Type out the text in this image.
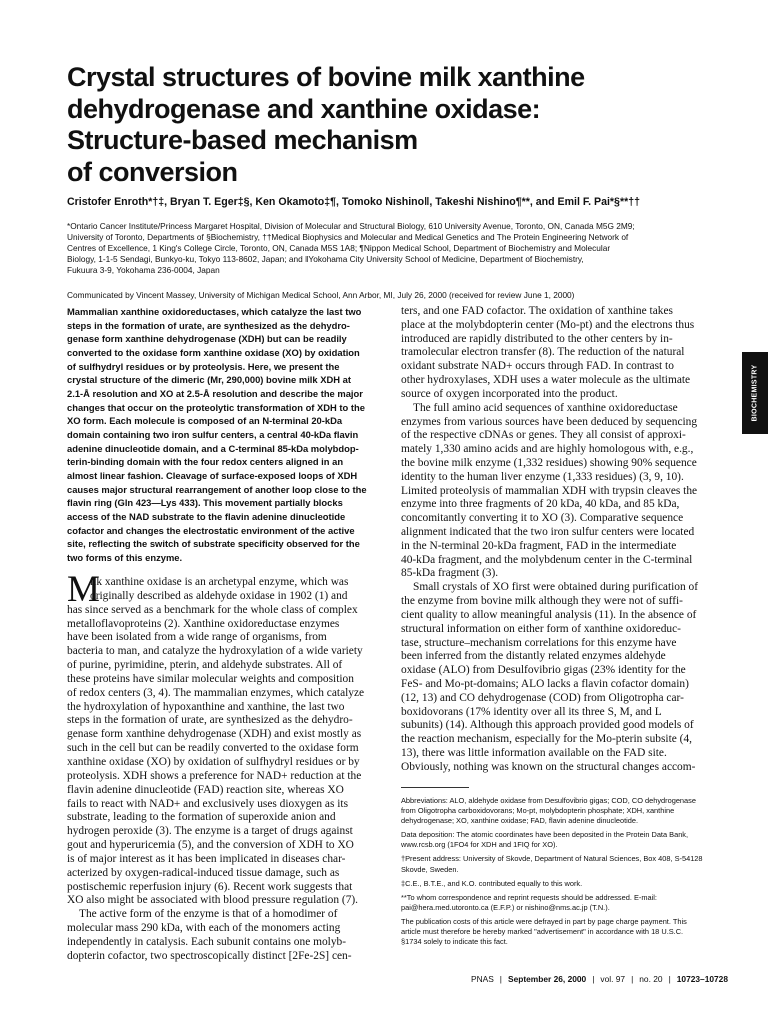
BIOCHEMISTRY
Crystal structures of bovine milk xanthine
dehydrogenase and xanthine oxidase:
Structure-based mechanism
of conversion

Cristofer Enroth*†‡, Bryan T. Eger‡§, Ken Okamoto‡¶, Tomoko Nishino‖, Takeshi Nishino¶**, and Emil F. Pai*§**††

*Ontario Cancer Institute/Princess Margaret Hospital, Division of Molecular and Structural Biology, 610 University Avenue, Toronto, ON, Canada M5G 2M9;
University of Toronto, Departments of §Biochemistry, ††Medical Biophysics and Molecular and Medical Genetics and The Protein Engineering Network of
Centres of Excellence, 1 King's College Circle, Toronto, ON, Canada M5S 1A8; ¶Nippon Medical School, Department of Biochemistry and Molecular
Biology, 1-1-5 Sendagi, Bunkyo-ku, Tokyo 113-8602, Japan; and ‖Yokohama City University School of Medicine, Department of Biochemistry,
Fukuura 3-9, Yokohama 236-0004, Japan

Communicated by Vincent Massey, University of Michigan Medical School, Ann Arbor, MI, July 26, 2000 (received for review June 1, 2000)

Mammalian xanthine oxidoreductases, which catalyze the last two
steps in the formation of urate, are synthesized as the dehydro-
genase form xanthine dehydrogenase (XDH) but can be readily
converted to the oxidase form xanthine oxidase (XO) by oxidation
of sulfhydryl residues or by proteolysis. Here, we present the
crystal structure of the dimeric (Mr, 290,000) bovine milk XDH at
2.1-Å resolution and XO at 2.5-Å resolution and describe the major
changes that occur on the proteolytic transformation of XDH to the
XO form. Each molecule is composed of an N-terminal 20-kDa
domain containing two iron sulfur centers, a central 40-kDa flavin
adenine dinucleotide domain, and a C-terminal 85-kDa molybdop-
terin-binding domain with the four redox centers aligned in an
almost linear fashion. Cleavage of surface-exposed loops of XDH
causes major structural rearrangement of another loop close to the
flavin ring (Gln 423—Lys 433). This movement partially blocks
access of the NAD substrate to the flavin adenine dinucleotide
cofactor and changes the electrostatic environment of the active
site, reflecting the switch of substrate specificity observed for the
two forms of this enzyme.
M
ilk xanthine oxidase is an archetypal enzyme, which was
originally described as aldehyde oxidase in 1902 (1) and
has since served as a benchmark for the whole class of complex
metalloflavoproteins (2). Xanthine oxidoreductase enzymes
have been isolated from a wide range of organisms, from
bacteria to man, and catalyze the hydroxylation of a wide variety
of purine, pyrimidine, pterin, and aldehyde substrates. All of
these proteins have similar molecular weights and composition
of redox centers (3, 4). The mammalian enzymes, which catalyze
the hydroxylation of hypoxanthine and xanthine, the last two
steps in the formation of urate, are synthesized as the dehydro-
genase form xanthine dehydrogenase (XDH) and exist mostly as
such in the cell but can be readily converted to the oxidase form
xanthine oxidase (XO) by oxidation of sulfhydryl residues or by
proteolysis. XDH shows a preference for NAD+ reduction at the
flavin adenine dinucleotide (FAD) reaction site, whereas XO
fails to react with NAD+ and exclusively uses dioxygen as its
substrate, leading to the formation of superoxide anion and
hydrogen peroxide (3). The enzyme is a target of drugs against
gout and hyperuricemia (5), and the conversion of XDH to XO
is of major interest as it has been implicated in diseases char-
acterized by oxygen-radical-induced tissue damage, such as
postischemic reperfusion injury (6). Recent work suggests that
XO also might be associated with blood pressure regulation (7).
The active form of the enzyme is that of a homodimer of
molecular mass 290 kDa, with each of the monomers acting
independently in catalysis. Each subunit contains one molyb-
dopterin cofactor, two spectroscopically distinct [2Fe-2S] cen-
ters, and one FAD cofactor. The oxidation of xanthine takes
place at the molybdopterin center (Mo-pt) and the electrons thus
introduced are rapidly distributed to the other centers by in-
tramolecular electron transfer (8). The reduction of the natural
oxidant substrate NAD+ occurs through FAD. In contrast to
other hydroxylases, XDH uses a water molecule as the ultimate
source of oxygen incorporated into the product.
The full amino acid sequences of xanthine oxidoreductase
enzymes from various sources have been deduced by sequencing
of the respective cDNAs or genes. They all consist of approxi-
mately 1,330 amino acids and are highly homologous with, e.g.,
the bovine milk enzyme (1,332 residues) showing 90% sequence
identity to the human liver enzyme (1,333 residues) (3, 9, 10).
Limited proteolysis of mammalian XDH with trypsin cleaves the
enzyme into three fragments of 20 kDa, 40 kDa, and 85 kDa,
concomitantly converting it to XO (3). Comparative sequence
alignment indicated that the two iron sulfur centers were located
in the N-terminal 20-kDa fragment, FAD in the intermediate
40-kDa fragment, and the molybdenum center in the C-terminal
85-kDa fragment (3).
Small crystals of XO first were obtained during purification of
the enzyme from bovine milk although they were not of suffi-
cient quality to allow meaningful analysis (11). In the absence of
structural information on either form of xanthine oxidoreduc-
tase, structure–mechanism correlations for this enzyme have
been inferred from the distantly related enzymes aldehyde
oxidase (ALO) from Desulfovibrio gigas (23% identity for the
FeS- and Mo-pt-domains; ALO lacks a flavin cofactor domain)
(12, 13) and CO dehydrogenase (COD) from Oligotropha car-
boxidovorans (17% identity over all its three S, M, and L
subunits) (14). Although this approach provided good models of
the reaction mechanism, especially for the Mo-pterin subsite (4,
13), there was little information available on the FAD site.
Obviously, nothing was known on the structural changes accom-
Abbreviations: ALO, aldehyde oxidase from Desulfovibrio gigas; COD, CO dehydrogenase
from Oligotropha carboxidovorans; Mo-pt, molybdopterin phosphate; XDH, xanthine
dehydrogenase; XO, xanthine oxidase; FAD, flavin adenine dinucleotide.
Data deposition: The atomic coordinates have been deposited in the Protein Data Bank,
www.rcsb.org (1FO4 for XDH and 1FIQ for XO).
†Present address: University of Skovde, Department of Natural Sciences, Box 408, S-54128
Skovde, Sweden.
‡C.E., B.T.E., and K.O. contributed equally to this work.
**To whom correspondence and reprint requests should be addressed. E-mail:
pai@hera.med.utoronto.ca (E.F.P.) or nishino@nms.ac.jp (T.N.).
The publication costs of this article were defrayed in part by page charge payment. This
article must therefore be hereby marked "advertisement" in accordance with 18 U.S.C.
§1734 solely to indicate this fact.
PNAS | September 26, 2000 | vol. 97 | no. 20 | 10723–10728
